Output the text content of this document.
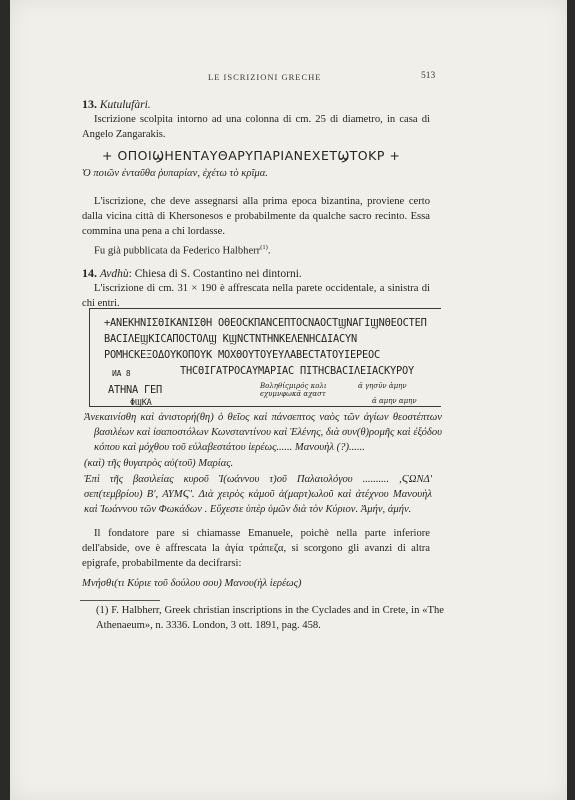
LE ISCRIZIONI GRECHE	513
13. Kutulufàri.

Iscrizione scolpita intorno ad una colonna di cm. 25 di diametro, in casa di Angelo Zangarakis.

+ ΟΠΟΙϢΗΕΝΤΑΥΘΑΡΥΠΑΡΙΑΝΕΧΕΤϢΤΟΚΡ +

Ὁ ποιῶν ἐνταῦθα ῥυπαρίαν, ἐχέτω τὸ κρῖμα.

L'iscrizione, che deve assegnarsi alla prima epoca bizantina, proviene certo dalla vicina città di Khersonesos e probabilmente da qualche sacro recinto. Essa commina una pena a chi lordasse.

Fu già pubblicata da Federico Halbherr$^{(1)}$.

14. Avdhù: Chiesa di S. Costantino nei dintorni.

L'iscrizione di cm. 31 × 190 è affrescata nella parete occidentale, a sinistra di chi entri.

+ΑΝΕΚΗΝΙΣΘΙΚΑΝΙΣΘΗ ΟΘΕΟϹΚΠΑΝϹΕΠΤΟϹΝΑΟϹΤϢΝΑΓΙϢΝΘΕΟϹΤΕΠ
ΒΑϹΙΛΕϢΚΙϹΑΠΟϹΤΟΛϢ ΚϢΝϹΤΝΤΗΝΚΕΛΕΝΗϹΔΙΑϹΥΝ
ΡΟΜΗϹΚΕΞΟΔΟΥΚΟΠΟΥΚ ΜΟΧΘΟΥΤΟΥΕΥΛΑΒΕϹΤΑΤΟΥΙΕΡΕΟϹ
ΤΗϹΘΙΓΑΤΡΟϹΑΥΜΑΡΙΑϹ ΠΙΤΗϹΒΑϹΙΛΕΙΑϹΚΥΡΟΥ
ИА 8
ΑΤΗΝΑ ΓΕΠ
ΦϢΚΑ
Βοληθίςμιρός κολι
ϵχυμνφωκᾶ αχαστ
ᾶ γησῦν ἀμην
ᾶ αμην αμην

Ἀνεκαινίσθη καὶ ἀνιστορή(θη) ὁ θεῖος καὶ πάνσεπτος ναὸς τῶν ἁγίων θεοστέπτων βασιλέων καὶ ἰσαποστόλων Κωνσταντίνου καὶ Ἑλένης, διὰ συν(θ)ρομῆς καὶ ἐξόδου κόπου καὶ μόχθου τοῦ εὐλαβεστάτου ἱερέως...... Μανουὴλ (?)......

(καὶ) τῆς θυγατρὸς αὐ(τοῦ) Μαρίας.

Ἐπὶ τῆς βασιλείας κυροῦ Ἰ(ωάννου τ)οῦ Παλαιολόγου .......... ,ϚΩΝΔ' σεπ(τεμβρίου) Β', ΑΥΜϚ'. Διὰ χειρὸς κἀμοῦ ἁ(μαρτ)ωλοῦ καὶ ἀτέχνου Μανουὴλ καὶ Ἰωάννου τῶν Φωκάδων . Εὔχεστε ὑπὲρ ὑμῶν διὰ τὸν Κύριον. Ἀμήν, ἀμήν.

Il fondatore pare si chiamasse Emanuele, poichè nella parte inferiore dell'abside, ove è affrescata la ἁγία τράπεζα, si scorgono gli avanzi di altra epigrafe, probabilmente da decifrarsi:

Μνήσθι(τι Κύριε τοῦ δούλου σου) Μανου(ὴλ ἱερέως)

(1) F. Halbherr, Greek christian inscriptions in the Cyclades and in Crete, in «The Athenaeum», n. 3336. London, 3 ott. 1891, pag. 458.
